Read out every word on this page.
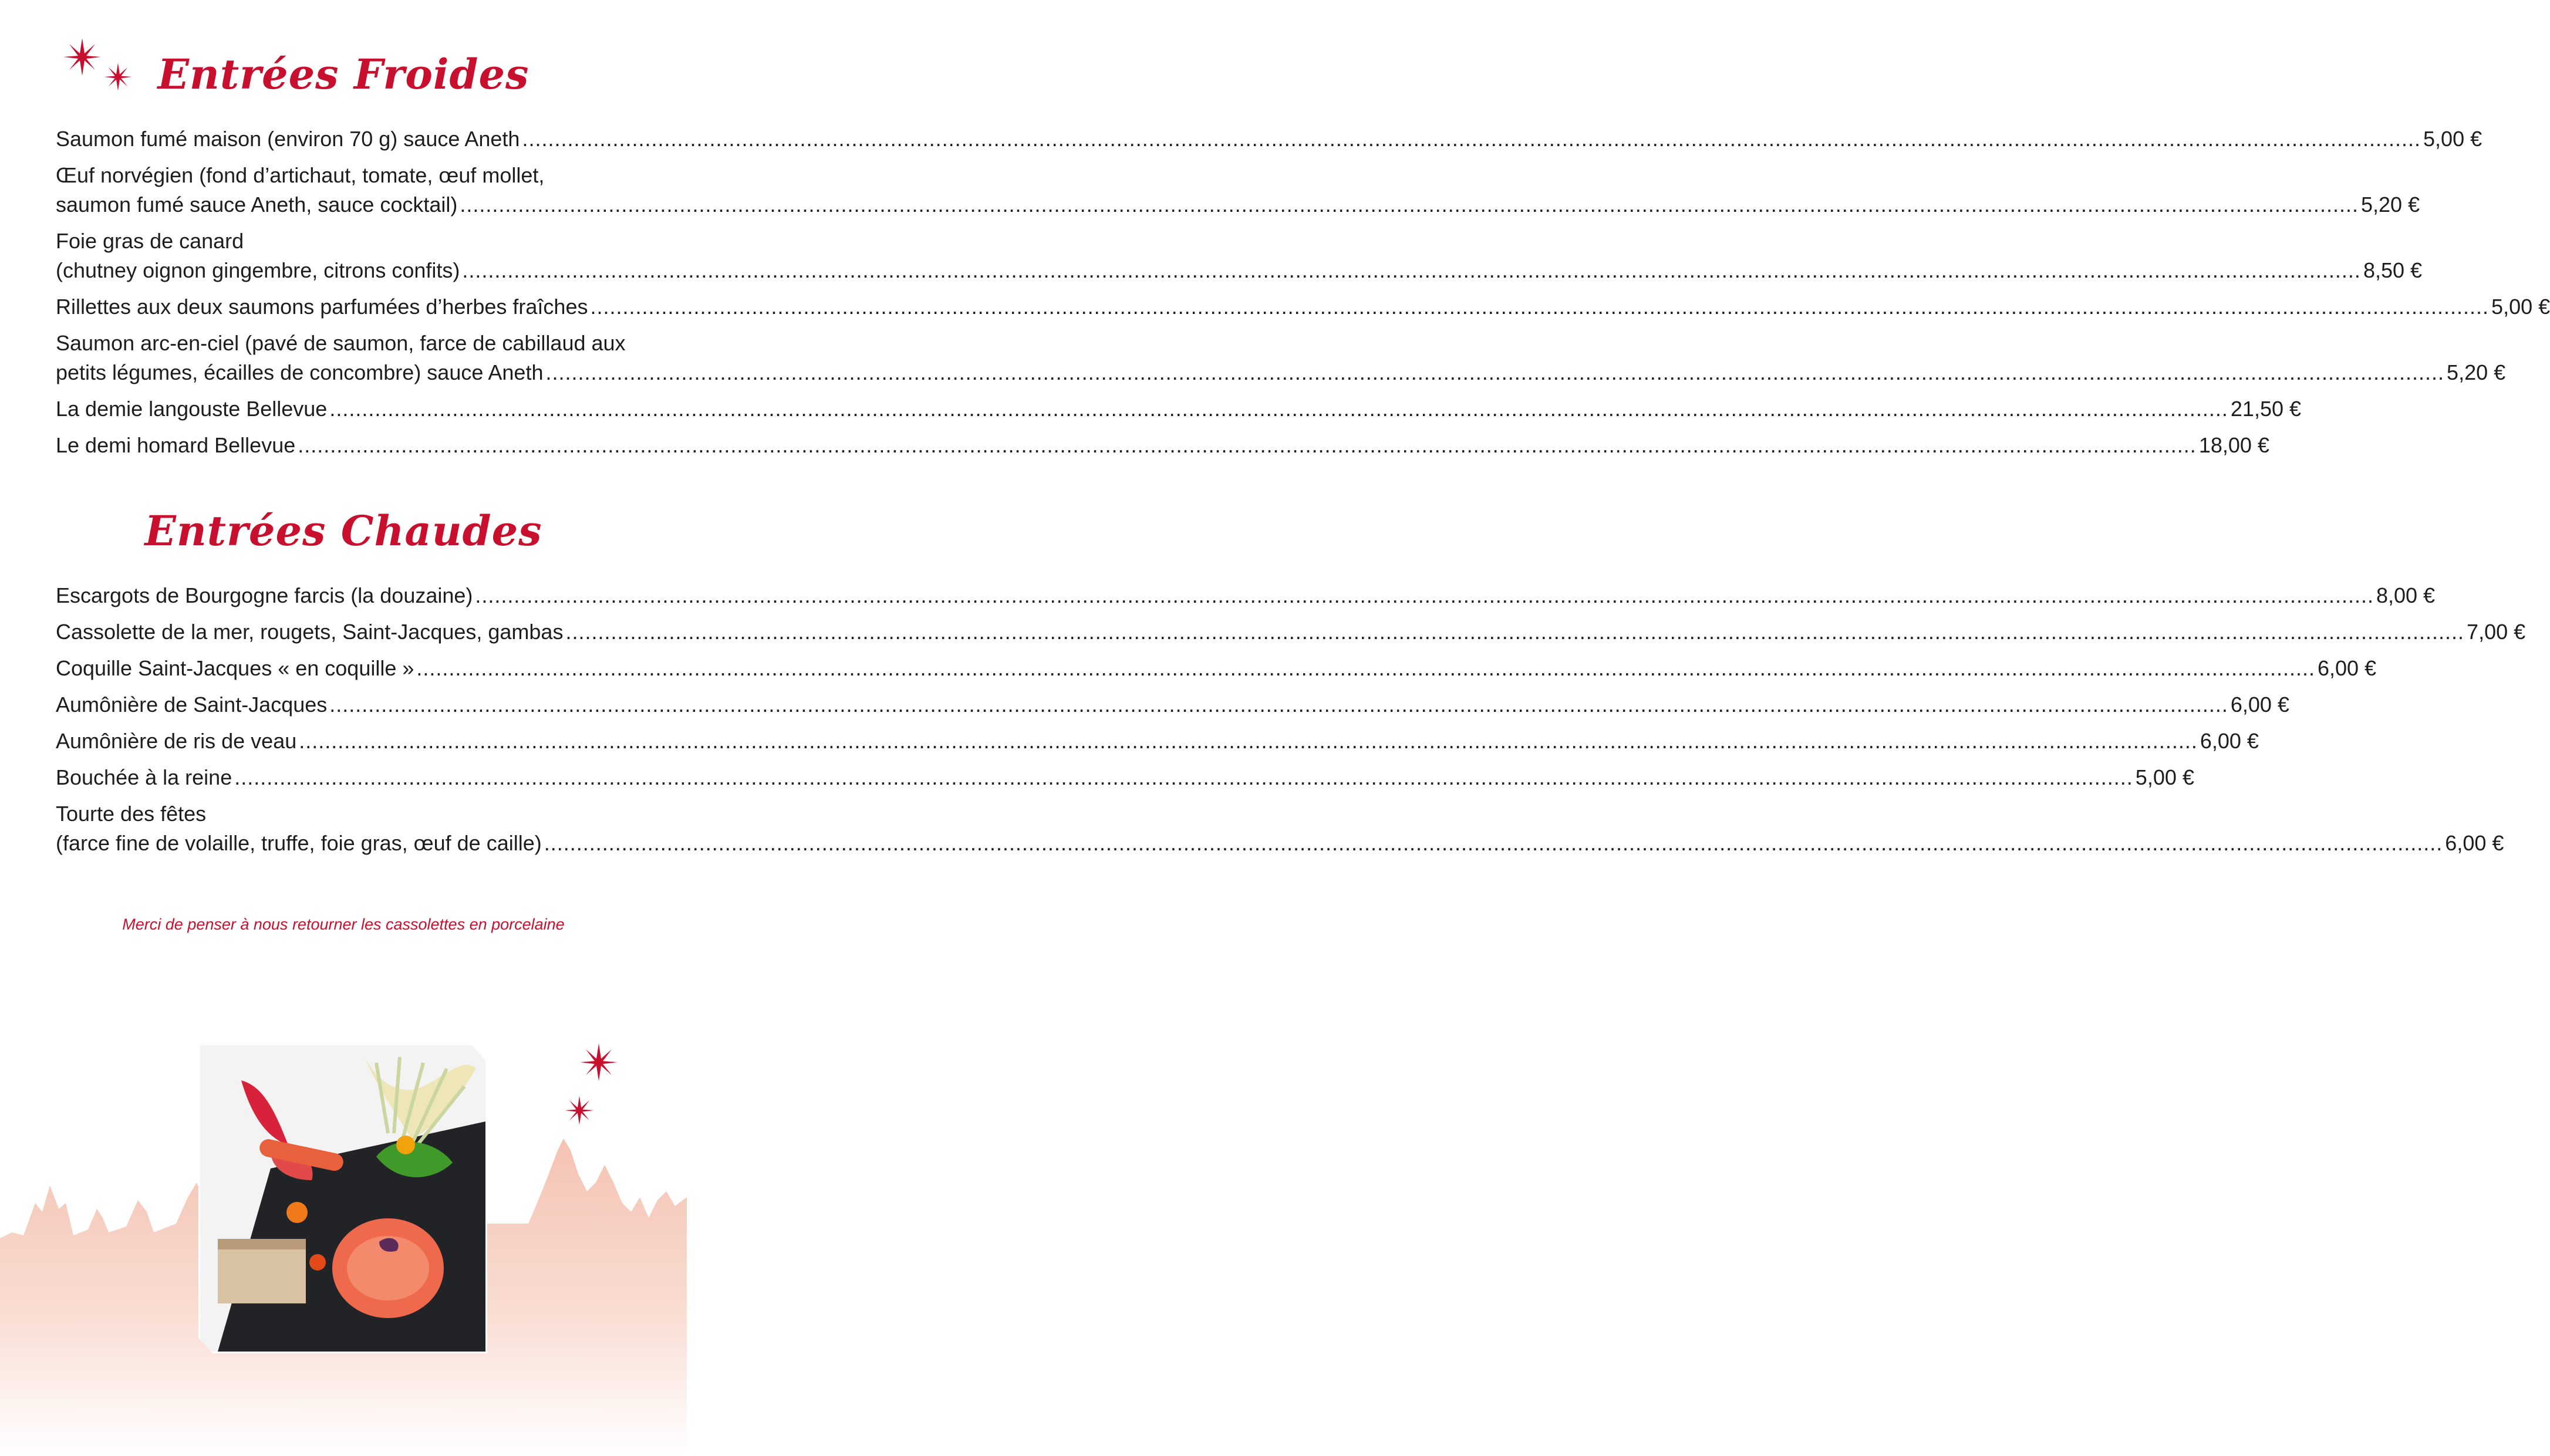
Entrées Froides
Saumon fumé maison (environ 70 g) sauce Aneth .....	5,00 €
Œuf norvégien (fond d’artichaut, tomate, œuf mollet,
saumon fumé sauce Aneth, sauce cocktail) .....	5,20 €
Foie gras de canard
(chutney oignon gingembre, citrons confits) .....	8,50 €
Rillettes aux deux saumons parfumées d’herbes fraîches .....	5,00 €
Saumon arc-en-ciel (pavé de saumon, farce de cabillaud aux
petits légumes, écailles de concombre) sauce Aneth .....	5,20 €
La demie langouste Bellevue .....	21,50 €
Le demi homard Bellevue .....	18,00 €
Entrées Chaudes
Escargots de Bourgogne farcis (la douzaine) .....	8,00 €
Cassolette de la mer, rougets, Saint-Jacques, gambas .....	7,00 €
Coquille Saint-Jacques « en coquille » .....	6,00 €
Aumônière de Saint-Jacques .....	6,00 €
Aumônière de ris de veau .....	6,00 €
Bouchée à la reine .....	5,00 €
Tourte des fêtes
(farce fine de volaille, truffe, foie gras, œuf de caille) .....	6,00 €
Merci de penser à nous retourner les cassolettes en porcelaine
